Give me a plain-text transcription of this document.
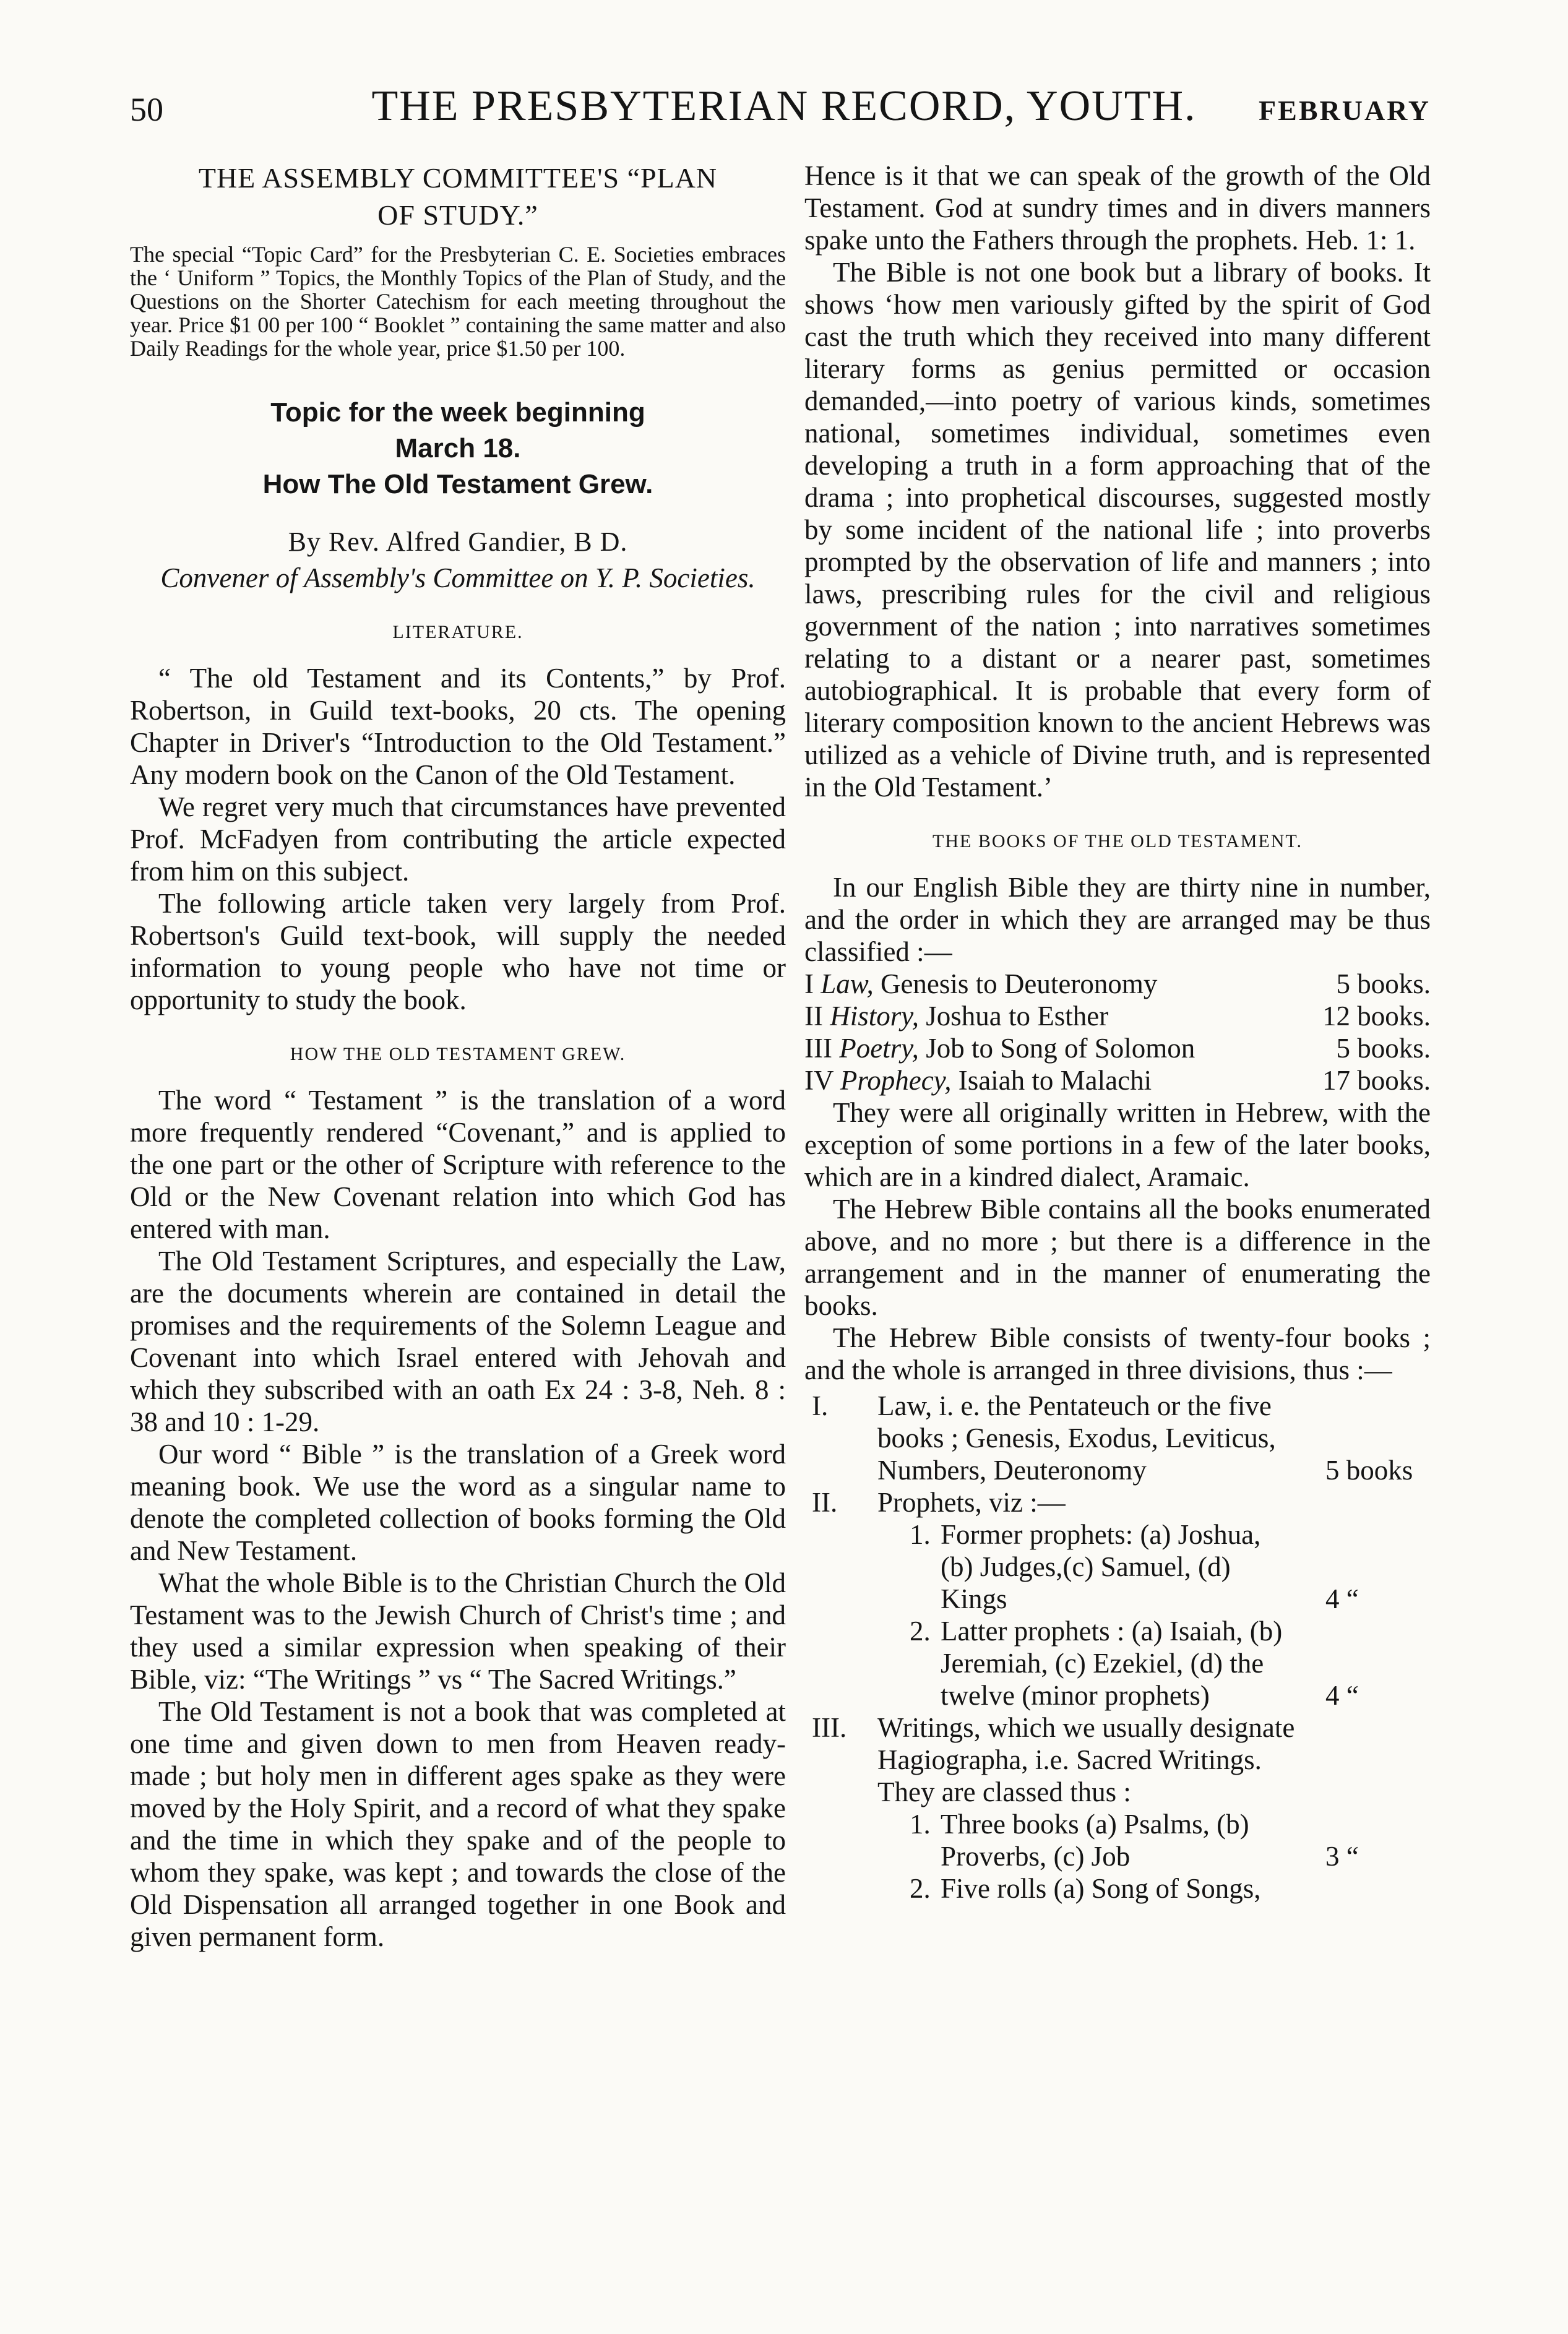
50	THE PRESBYTERIAN RECORD, YOUTH.	FEBRUARY
THE ASSEMBLY COMMITTEE'S “PLAN
OF STUDY.”

The special “Topic Card” for the Presbyterian C. E. Societies embraces the ‘ Uniform ” Topics, the Monthly Topics of the Plan of Study, and the Questions on the Shorter Catechism for each meeting throughout the year. Price $1 00 per 100 “ Booklet ” containing the same matter and also Daily Readings for the whole year, price $1.50 per 100.

Topic for the week beginning
March 18.
How The Old Testament Grew.
By Rev. Alfred Gandier, B D.
Convener of Assembly's Committee on Y. P. Societies.
LITERATURE.

“ The old Testament and its Contents,” by Prof. Robertson, in Guild text-books, 20 cts. The opening Chapter in Driver's “Introduction to the Old Testament.” Any modern book on the Canon of the Old Testament.

We regret very much that circumstances have prevented Prof. McFadyen from contributing the article expected from him on this subject.

The following article taken very largely from Prof. Robertson's Guild text-book, will supply the needed information to young people who have not time or opportunity to study the book.

HOW THE OLD TESTAMENT GREW.

The word “ Testament ” is the translation of a word more frequently rendered “Covenant,” and is applied to the one part or the other of Scripture with reference to the Old or the New Covenant relation into which God has entered with man.

The Old Testament Scriptures, and especially the Law, are the documents wherein are contained in detail the promises and the requirements of the Solemn League and Covenant into which Israel entered with Jehovah and which they subscribed with an oath Ex 24 : 3-8, Neh. 8 : 38 and 10 : 1-29.

Our word “ Bible ” is the translation of a Greek word meaning book. We use the word as a singular name to denote the completed collection of books forming the Old and New Testament.

What the whole Bible is to the Christian Church the Old Testament was to the Jewish Church of Christ's time ; and they used a similar expression when speaking of their Bible, viz: “The Writings ” vs “ The Sacred Writings.”

The Old Testament is not a book that was completed at one time and given down to men from Heaven ready-made ; but holy men in different ages spake as they were moved by the Holy Spirit, and a record of what they spake and the time in which they spake and of the people to whom they spake, was kept ; and towards the close of the Old Dispensation all arranged together in one Book and given permanent form.

Hence is it that we can speak of the growth of the Old Testament. God at sundry times and in divers manners spake unto the Fathers through the prophets. Heb. 1: 1.

The Bible is not one book but a library of books. It shows ‘how men variously gifted by the spirit of God cast the truth which they received into many different literary forms as genius permitted or occasion demanded,—into poetry of various kinds, sometimes national, sometimes individual, sometimes even developing a truth in a form approaching that of the drama ; into prophetical discourses, suggested mostly by some incident of the national life ; into proverbs prompted by the observation of life and manners ; into laws, prescribing rules for the civil and religious government of the nation ; into narratives sometimes relating to a distant or a nearer past, sometimes autobiographical. It is probable that every form of literary composition known to the ancient Hebrews was utilized as a vehicle of Divine truth, and is represented in the Old Testament.’

THE BOOKS OF THE OLD TESTAMENT.

In our English Bible they are thirty nine in number, and the order in which they are arranged may be thus classified :—

I Law, Genesis to Deuteronomy	5 books.
II History, Joshua to Esther	12 books.
III Poetry, Job to Song of Solomon	5 books.
IV Prophecy, Isaiah to Malachi	17 books.

They were all originally written in Hebrew, with the exception of some portions in a few of the later books, which are in a kindred dialect, Aramaic.

The Hebrew Bible contains all the books enumerated above, and no more ; but there is a difference in the arrangement and in the manner of enumerating the books.

The Hebrew Bible consists of twenty-four books ; and the whole is arranged in three divisions, thus :—

I. Law, i. e. the Pentateuch or the five books ; Genesis, Exodus, Leviticus, Numbers, Deuteronomy	5 books
II. Prophets, viz :—
1. Former prophets: (a) Joshua, (b) Judges,(c) Samuel, (d) Kings	4 “
2. Latter prophets : (a) Isaiah, (b) Jeremiah, (c) Ezekiel, (d) the twelve (minor prophets)	4 “
III. Writings, which we usually designate Hagiographa, i.e. Sacred Writings. They are classed thus :
1. Three books (a) Psalms, (b) Proverbs, (c) Job	3 “
2. Five rolls (a) Song of Songs,
